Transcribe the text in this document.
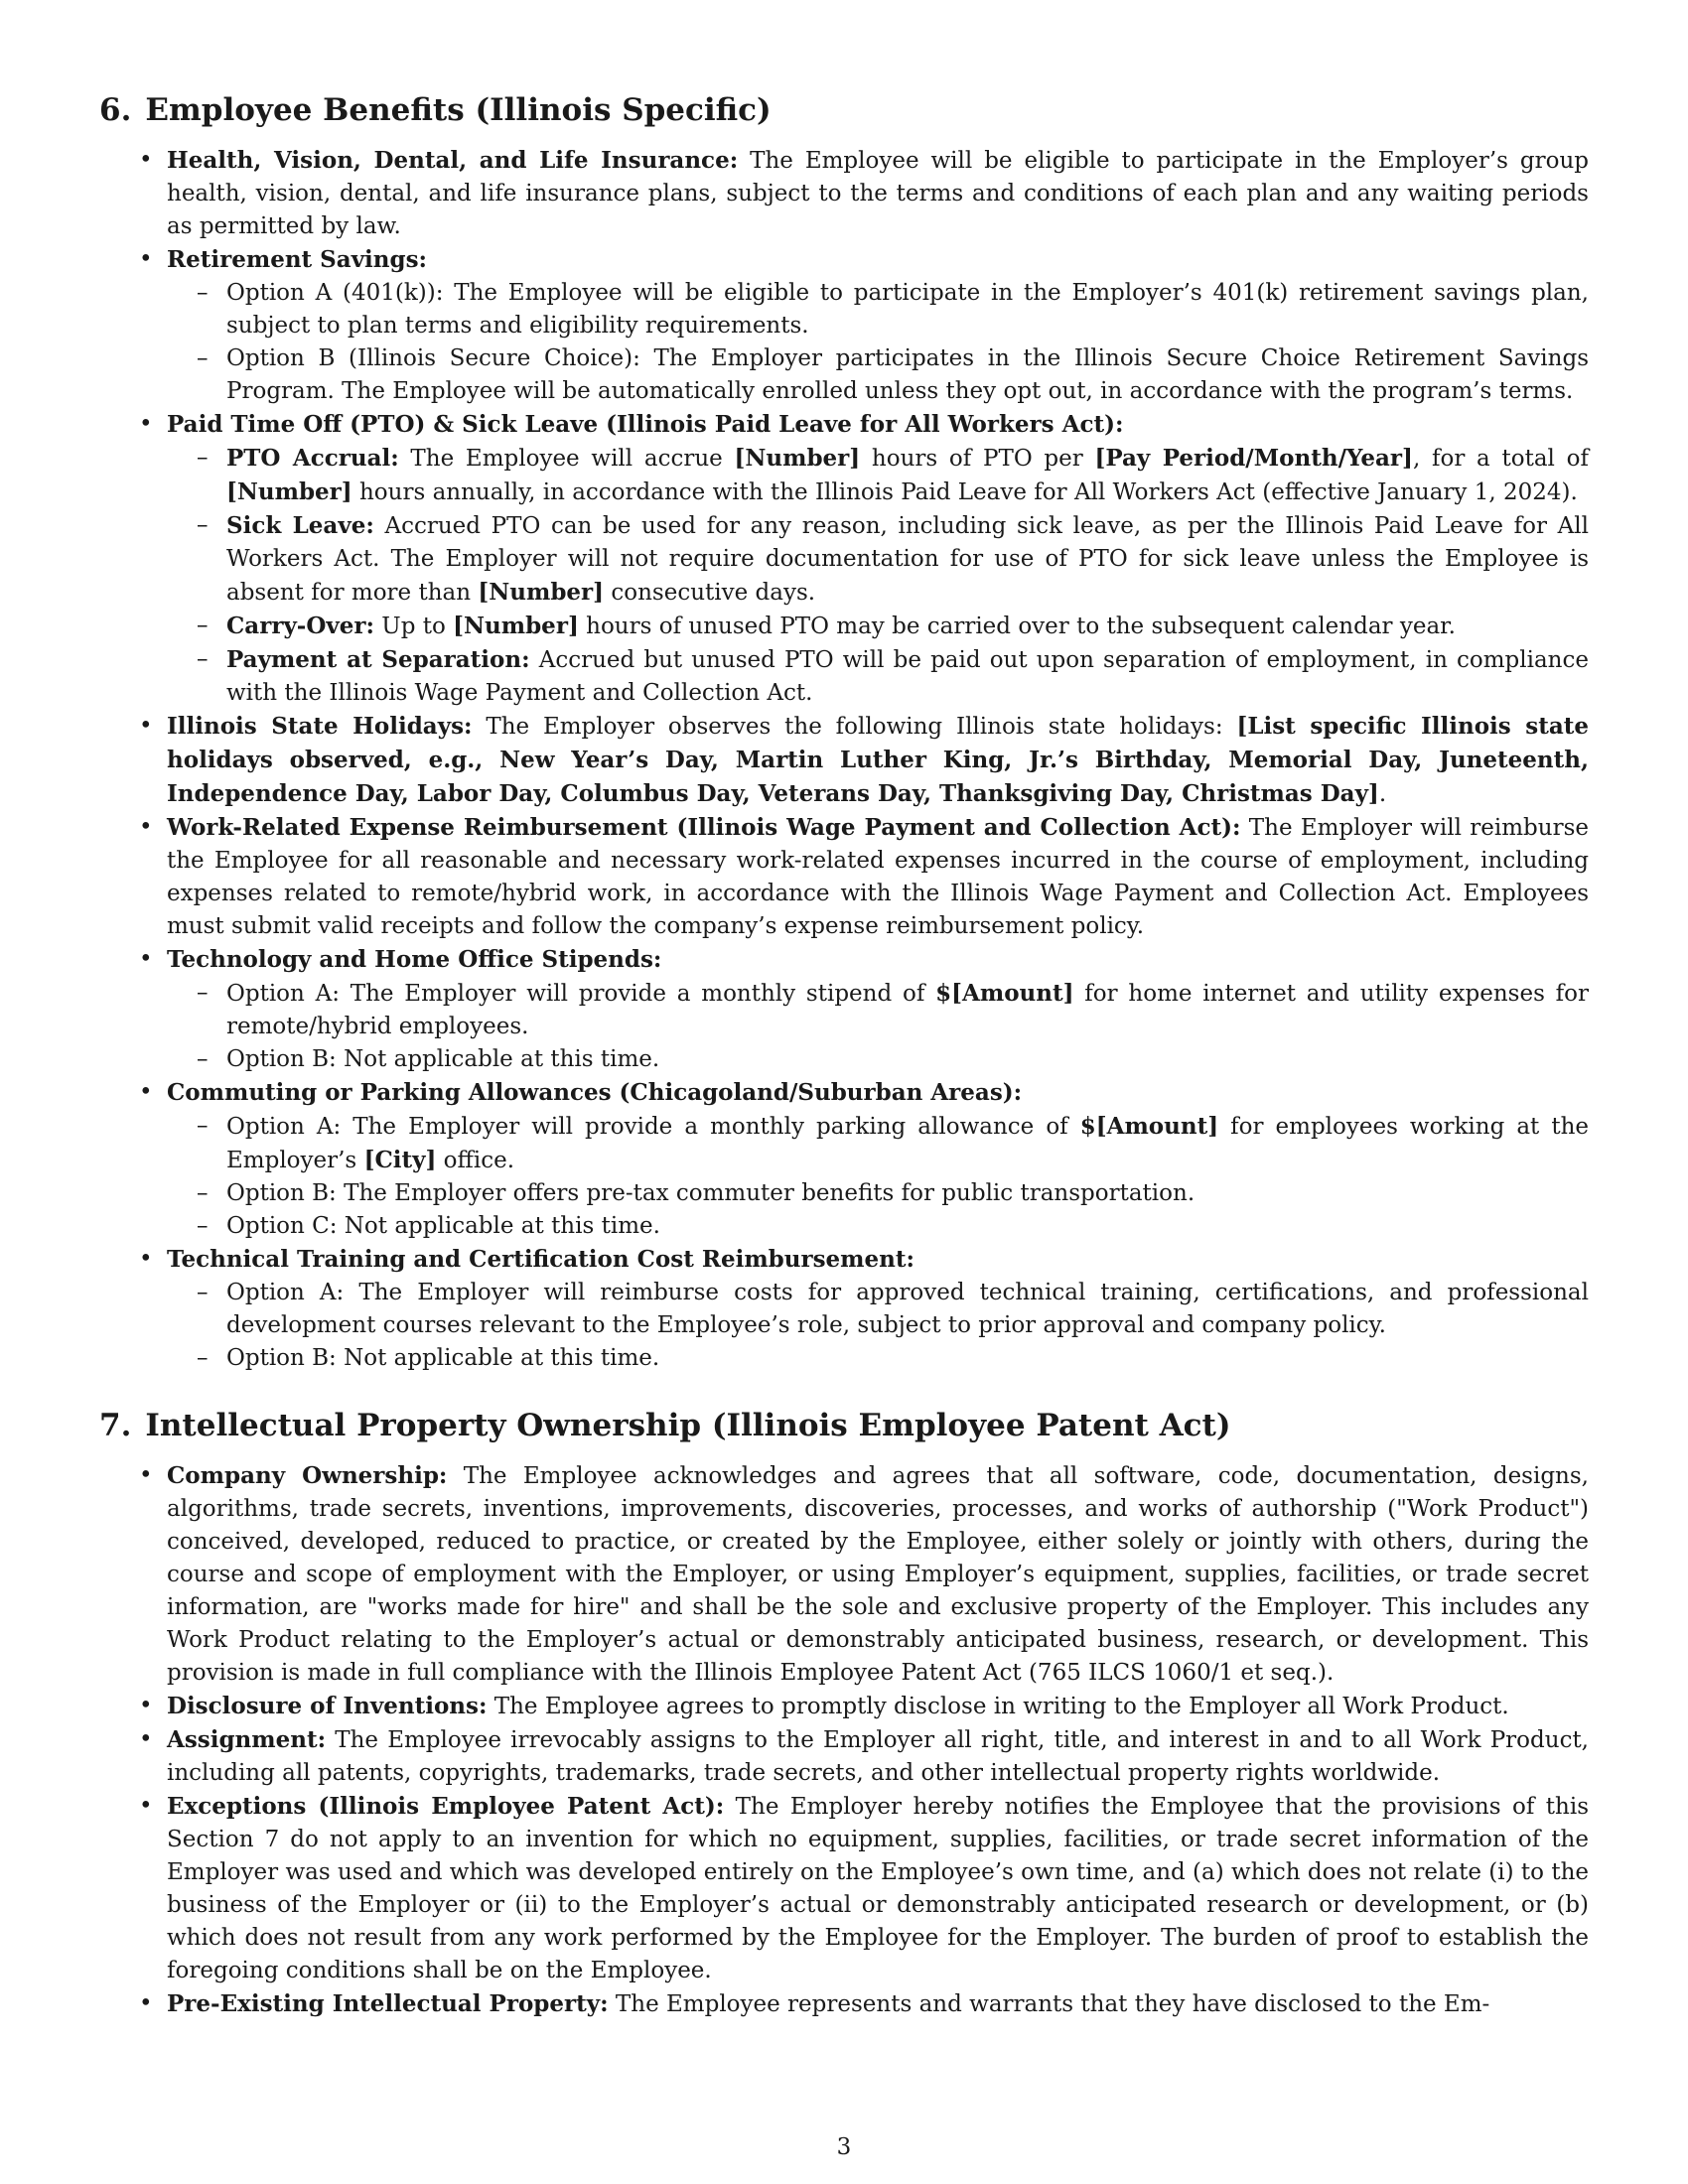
6. Employee Benefits (Illinois Specific)
• Health, Vision, Dental, and Life Insurance: The Employee will be eligible to participate in the Employer’s group health, vision, dental, and life insurance plans, subject to the terms and conditions of each plan and any waiting periods as permitted by law.
• Retirement Savings:
– Option A (401(k)): The Employee will be eligible to participate in the Employer’s 401(k) retirement savings plan, subject to plan terms and eligibility requirements.
– Option B (Illinois Secure Choice): The Employer participates in the Illinois Secure Choice Retirement Savings Program. The Employee will be automatically enrolled unless they opt out, in accordance with the program’s terms.
• Paid Time Off (PTO) & Sick Leave (Illinois Paid Leave for All Workers Act):
– PTO Accrual: The Employee will accrue [Number] hours of PTO per [Pay Period/Month/Year], for a total of [Number] hours annually, in accordance with the Illinois Paid Leave for All Workers Act (effective January 1, 2024).
– Sick Leave: Accrued PTO can be used for any reason, including sick leave, as per the Illinois Paid Leave for All Workers Act. The Employer will not require documentation for use of PTO for sick leave unless the Employee is absent for more than [Number] consecutive days.
– Carry-Over: Up to [Number] hours of unused PTO may be carried over to the subsequent calendar year.
– Payment at Separation: Accrued but unused PTO will be paid out upon separation of employment, in compliance with the Illinois Wage Payment and Collection Act.
• Illinois State Holidays: The Employer observes the following Illinois state holidays: [List specific Illinois state holidays observed, e.g., New Year’s Day, Martin Luther King, Jr.’s Birthday, Memorial Day, Juneteenth, Independence Day, Labor Day, Columbus Day, Veterans Day, Thanksgiving Day, Christmas Day].
• Work-Related Expense Reimbursement (Illinois Wage Payment and Collection Act): The Employer will reimburse the Employee for all reasonable and necessary work-related expenses incurred in the course of employment, including expenses related to remote/hybrid work, in accordance with the Illinois Wage Payment and Collection Act. Employees must submit valid receipts and follow the company’s expense reimbursement policy.
• Technology and Home Office Stipends:
– Option A: The Employer will provide a monthly stipend of $[Amount] for home internet and utility expenses for remote/hybrid employees.
– Option B: Not applicable at this time.
• Commuting or Parking Allowances (Chicagoland/Suburban Areas):
– Option A: The Employer will provide a monthly parking allowance of $[Amount] for employees working at the Employer’s [City] office.
– Option B: The Employer offers pre-tax commuter benefits for public transportation.
– Option C: Not applicable at this time.
• Technical Training and Certification Cost Reimbursement:
– Option A: The Employer will reimburse costs for approved technical training, certifications, and professional development courses relevant to the Employee’s role, subject to prior approval and company policy.
– Option B: Not applicable at this time.
7. Intellectual Property Ownership (Illinois Employee Patent Act)
• Company Ownership: The Employee acknowledges and agrees that all software, code, documentation, designs, algorithms, trade secrets, inventions, improvements, discoveries, processes, and works of authorship ("Work Product") conceived, developed, reduced to practice, or created by the Employee, either solely or jointly with others, during the course and scope of employment with the Employer, or using Employer’s equipment, supplies, facilities, or trade secret information, are "works made for hire" and shall be the sole and exclusive property of the Employer. This includes any Work Product relating to the Employer’s actual or demonstrably anticipated business, research, or development. This provision is made in full compliance with the Illinois Employee Patent Act (765 ILCS 1060/1 et seq.).
• Disclosure of Inventions: The Employee agrees to promptly disclose in writing to the Employer all Work Product.
• Assignment: The Employee irrevocably assigns to the Employer all right, title, and interest in and to all Work Product, including all patents, copyrights, trademarks, trade secrets, and other intellectual property rights worldwide.
• Exceptions (Illinois Employee Patent Act): The Employer hereby notifies the Employee that the provisions of this Section 7 do not apply to an invention for which no equipment, supplies, facilities, or trade secret information of the Employer was used and which was developed entirely on the Employee’s own time, and (a) which does not relate (i) to the business of the Employer or (ii) to the Employer’s actual or demonstrably anticipated research or development, or (b) which does not result from any work performed by the Employee for the Employer. The burden of proof to establish the foregoing conditions shall be on the Employee.
• Pre-Existing Intellectual Property: The Employee represents and warrants that they have disclosed to the Em-
3
